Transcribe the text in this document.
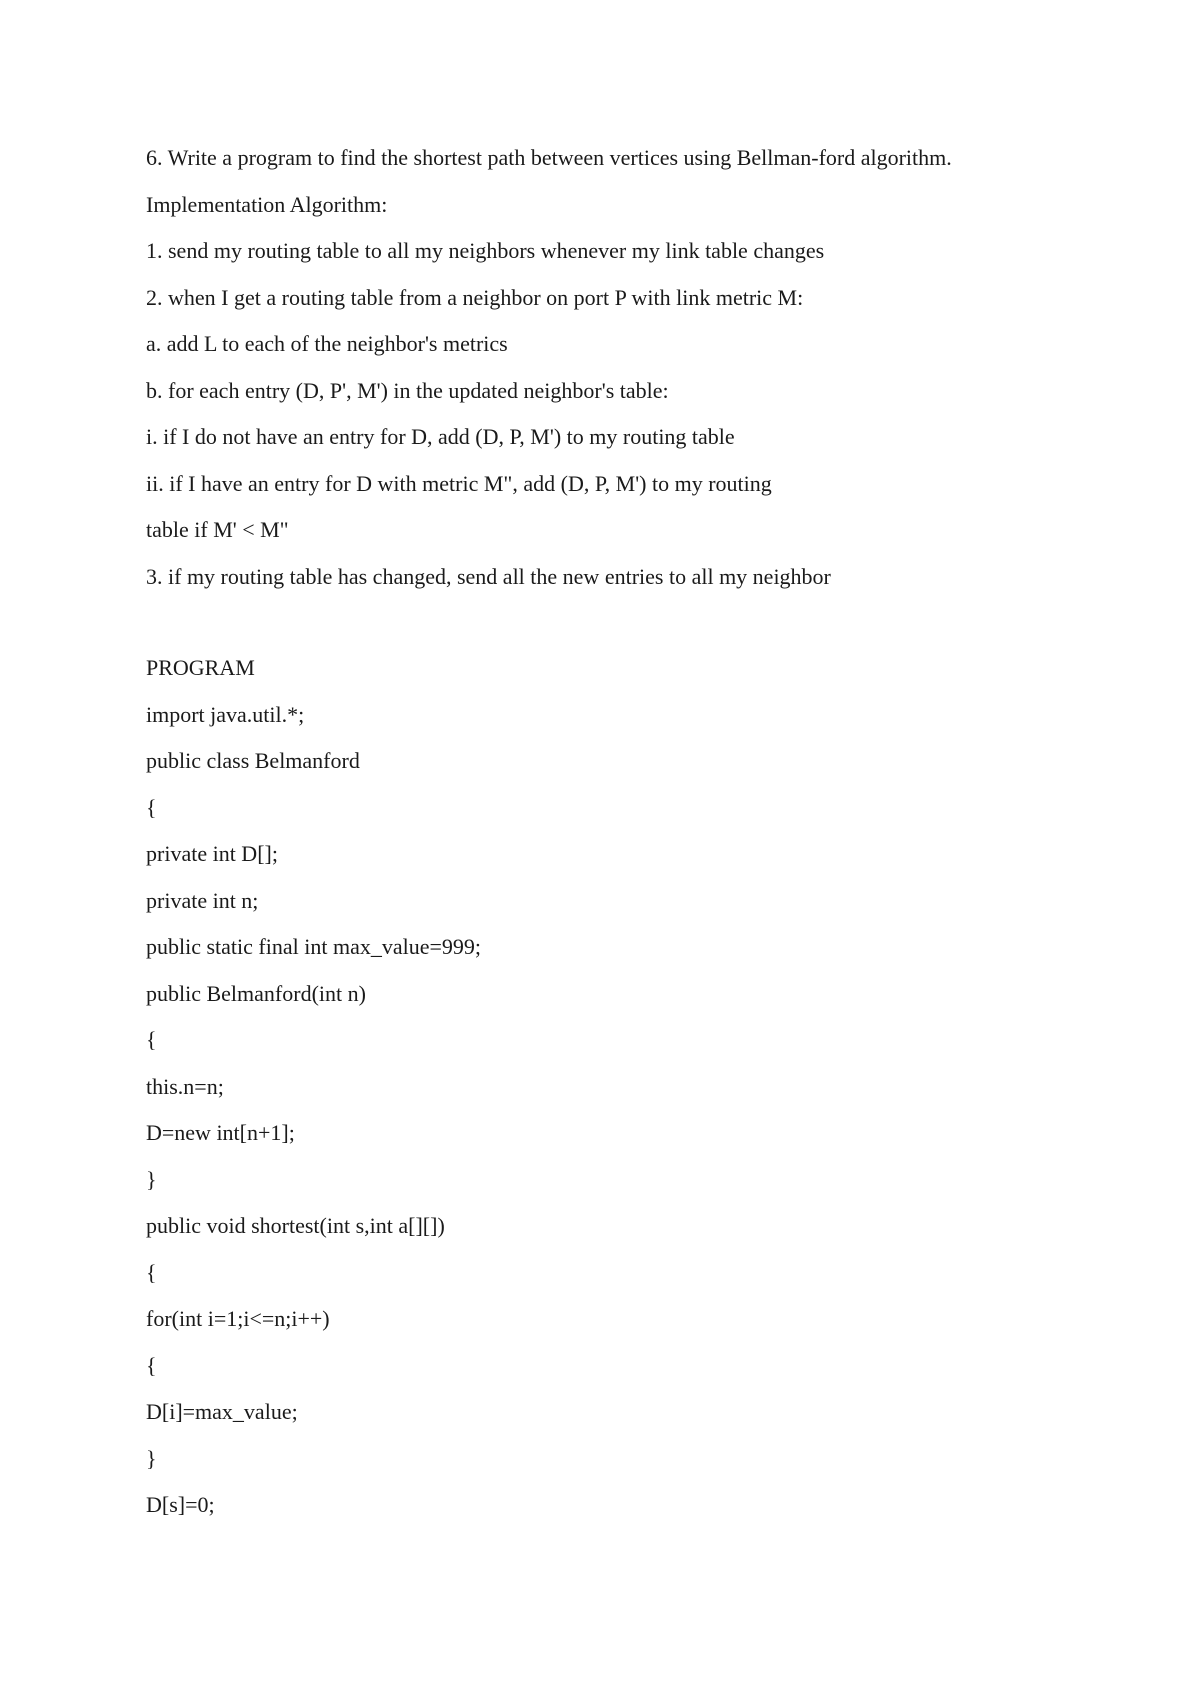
6. Write a program to find the shortest path between vertices using Bellman-ford algorithm.
Implementation Algorithm:
1. send my routing table to all my neighbors whenever my link table changes
2. when I get a routing table from a neighbor on port P with link metric M:
a. add L to each of the neighbor's metrics
b. for each entry (D, P', M') in the updated neighbor's table:
i. if I do not have an entry for D, add (D, P, M') to my routing table
ii. if I have an entry for D with metric M", add (D, P, M') to my routing
table if M' < M"
3. if my routing table has changed, send all the new entries to all my neighbor
PROGRAM
import java.util.*;
public class Belmanford
{
private int D[];
private int n;
public static final int max_value=999;
public Belmanford(int n)
{
this.n=n;
D=new int[n+1];
}
public void shortest(int s,int a[][])
{
for(int i=1;i<=n;i++)
{
D[i]=max_value;
}
D[s]=0;
